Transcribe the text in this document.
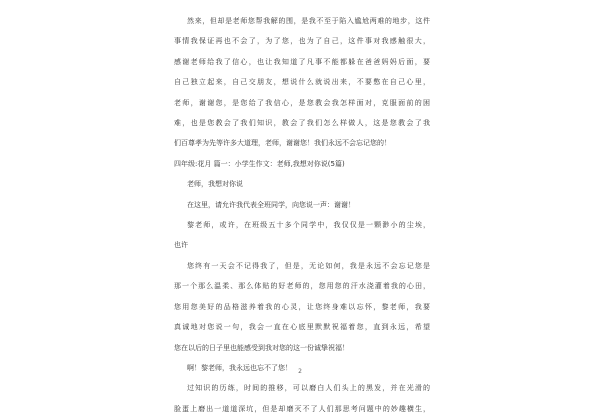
然来，但却是老师您帮我解的围，是我不至于陷入尴尬两难的地步，这件
事情我保证再也不会了，为了您，也为了自己，这件事对我感触很大，
感谢老师给我了信心，也让我知道了凡事不能都躲在爸爸妈妈后面，要
自己独立起来，自己交朋友，想说什么就说出来，不要憋在自己心里，
老师，谢谢您，是您给了我信心，是您教会我怎样面对，克服面前的困
难，也是您教会了我们知识，教会了我们怎么样做人，这是您教会了我
们百尊孝为先等许多大道理，老师，谢谢您！我们永远不会忘记您的！
四年级:花月 篇一：小学生作文：老师,我想对你说(5篇)
老师，我想对你说
在这里，请允许我代表全班同学，向您说一声：谢谢！
黎老师，或许，在班级五十多个同学中，我仅仅是一颗渺小的尘埃，
也许
您终有一天会不记得我了，但是，无论如何，我是永远不会忘记您是
那一个那么温柔、那么体贴的好老师的，您用您的汗水浇灌着我的心田，
您用您美好的品格滋养着我的心灵，让您终身难以忘怀，黎老师，我要
真诚地对您说一句，我会一直在心底里默默祝福着您，直到永远，希望
您在以后的日子里也能感受到我对您的这一份诚挚祝福！
啊！黎老师，我永远也忘不了您！
过知识的历练，时间的推移，可以磨白人们头上的黑发，并在光滑的
脸蛋上磨出一道道深坑，但是却磨灭不了人们那思考问题中的妙趣横生，
2
